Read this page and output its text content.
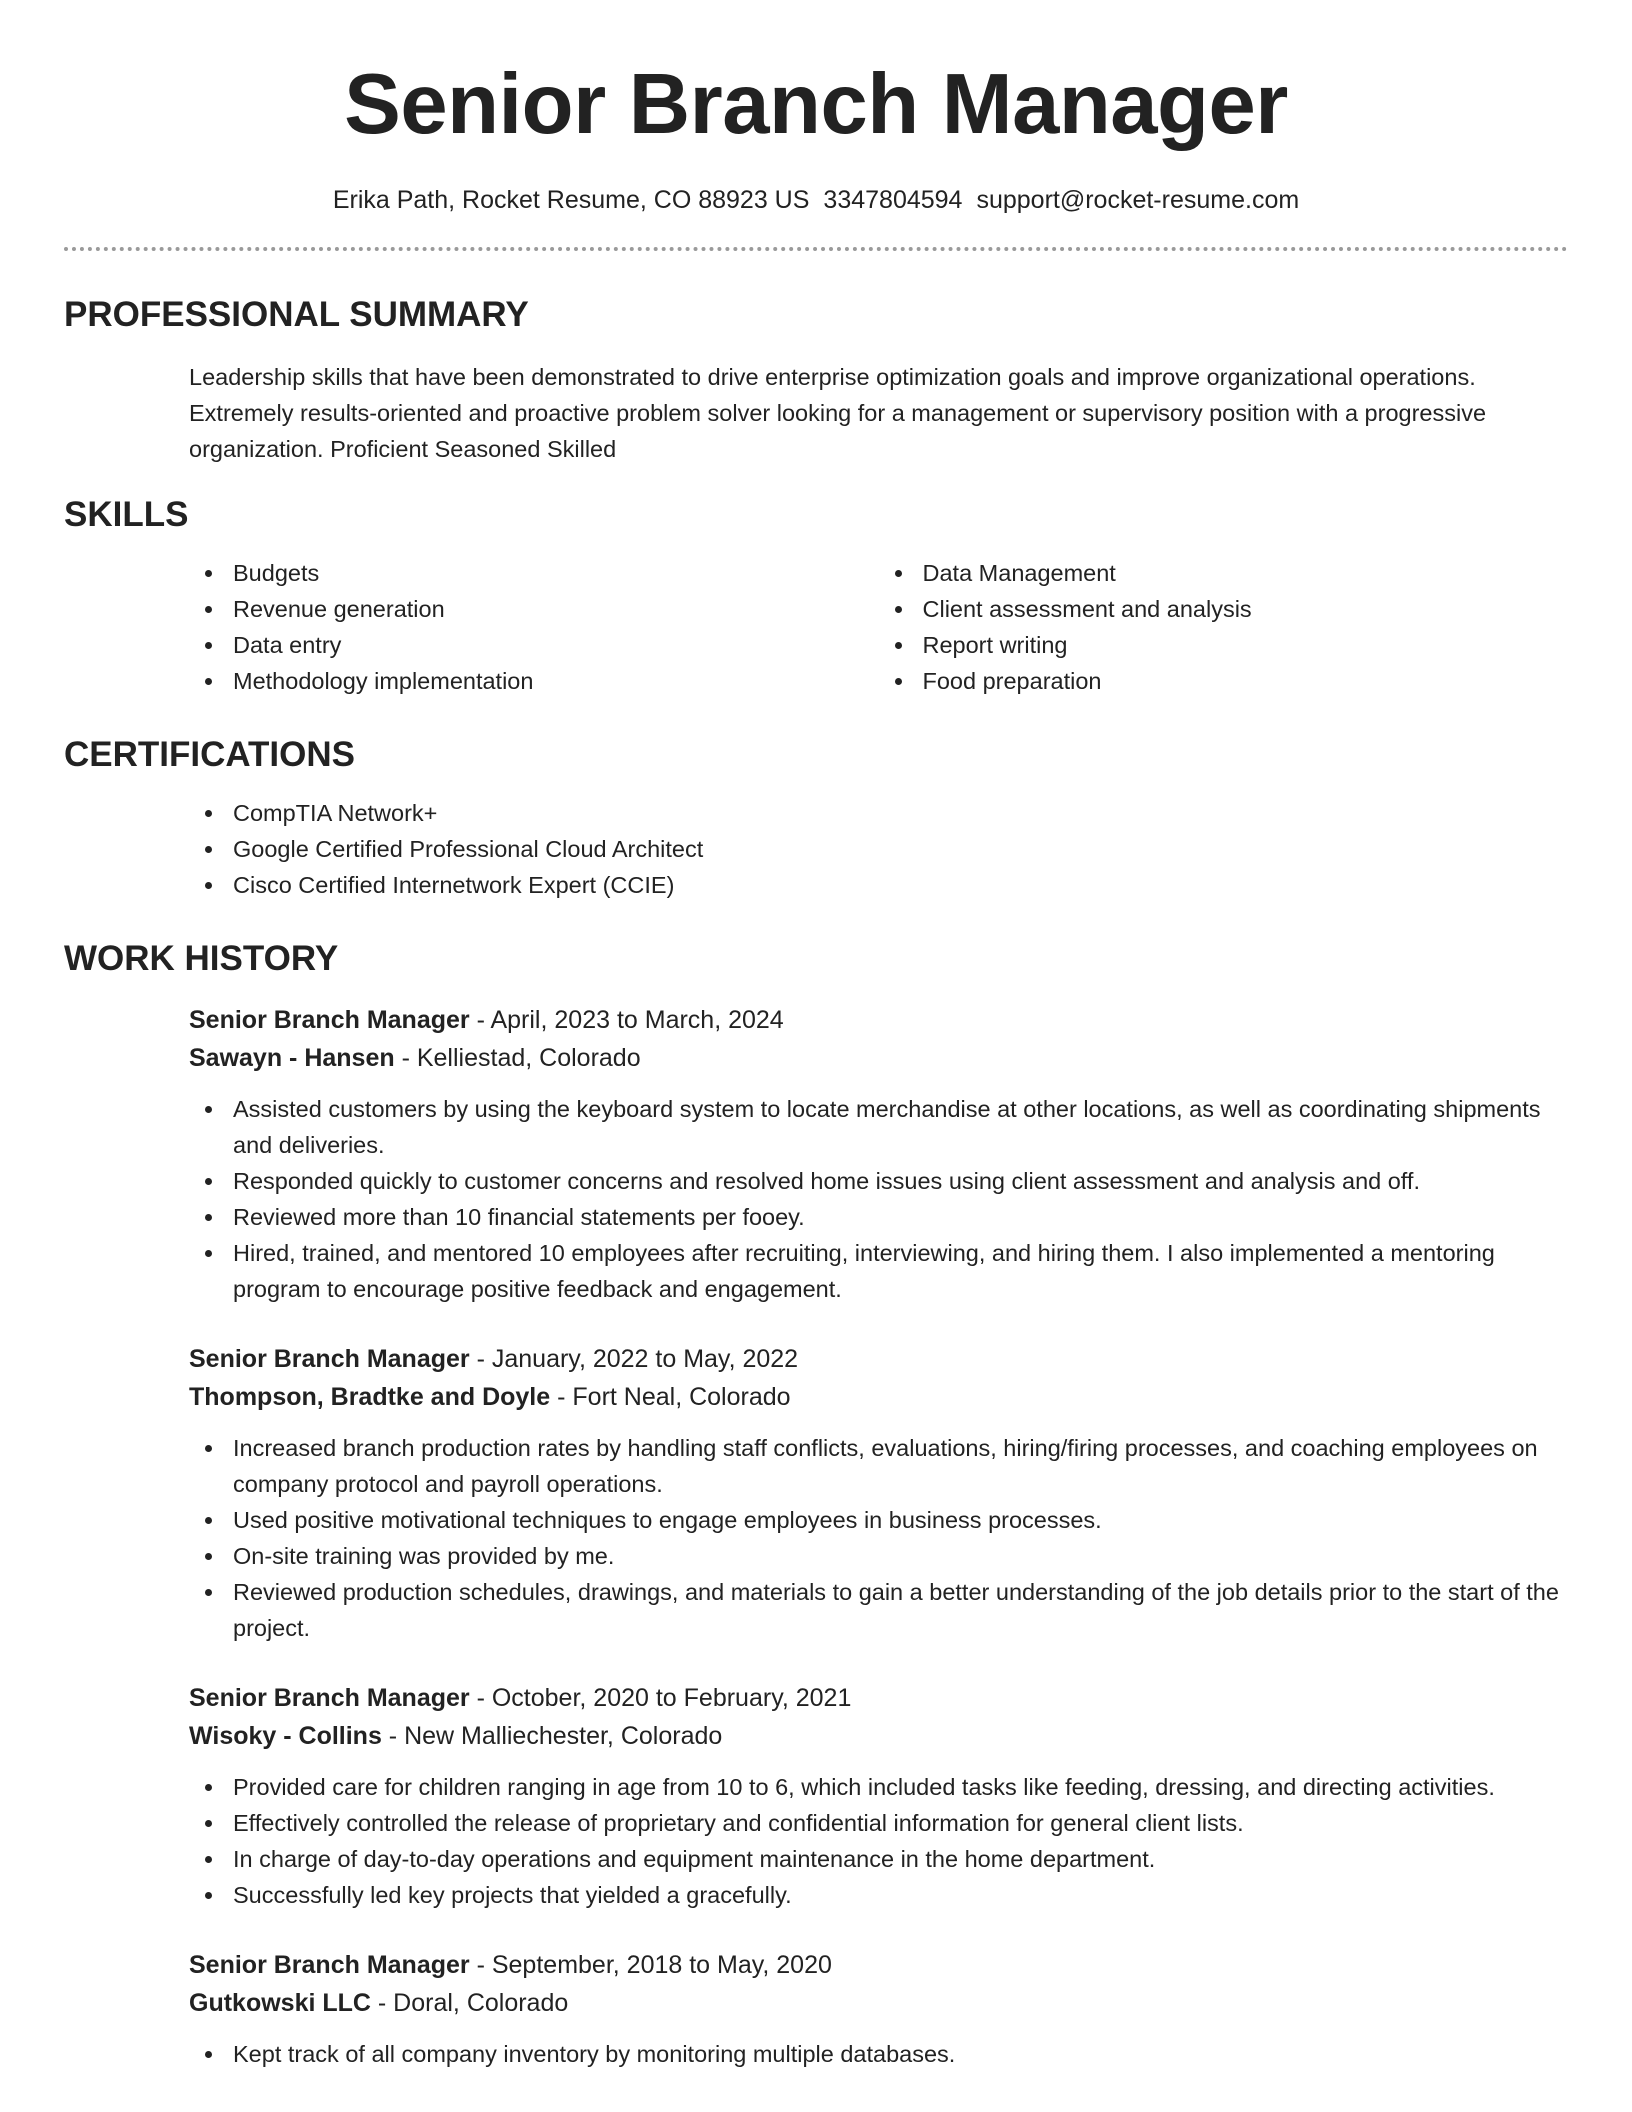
Senior Branch Manager
Erika Path, Rocket Resume, CO 88923 US 3347804594 support@rocket-resume.com
PROFESSIONAL SUMMARY

Leadership skills that have been demonstrated to drive enterprise optimization goals and improve organizational operations. Extremely results-oriented and proactive problem solver looking for a management or supervisory position with a progressive organization. Proficient Seasoned Skilled

SKILLS
Budgets
Revenue generation
Data entry
Methodology implementation
Data Management
Client assessment and analysis
Report writing
Food preparation
CERTIFICATIONS
CompTIA Network+
Google Certified Professional Cloud Architect
Cisco Certified Internetwork Expert (CCIE)
WORK HISTORY
Senior Branch Manager - April, 2023 to March, 2024
Sawayn - Hansen - Kelliestad, Colorado
Assisted customers by using the keyboard system to locate merchandise at other locations, as well as coordinating shipments and deliveries.
Responded quickly to customer concerns and resolved home issues using client assessment and analysis and off.
Reviewed more than 10 financial statements per fooey.
Hired, trained, and mentored 10 employees after recruiting, interviewing, and hiring them. I also implemented a mentoring program to encourage positive feedback and engagement.
Senior Branch Manager - January, 2022 to May, 2022
Thompson, Bradtke and Doyle - Fort Neal, Colorado
Increased branch production rates by handling staff conflicts, evaluations, hiring/firing processes, and coaching employees on company protocol and payroll operations.
Used positive motivational techniques to engage employees in business processes.
On-site training was provided by me.
Reviewed production schedules, drawings, and materials to gain a better understanding of the job details prior to the start of the project.
Senior Branch Manager - October, 2020 to February, 2021
Wisoky - Collins - New Malliechester, Colorado
Provided care for children ranging in age from 10 to 6, which included tasks like feeding, dressing, and directing activities.
Effectively controlled the release of proprietary and confidential information for general client lists.
In charge of day-to-day operations and equipment maintenance in the home department.
Successfully led key projects that yielded a gracefully.
Senior Branch Manager - September, 2018 to May, 2020
Gutkowski LLC - Doral, Colorado
Kept track of all company inventory by monitoring multiple databases.
